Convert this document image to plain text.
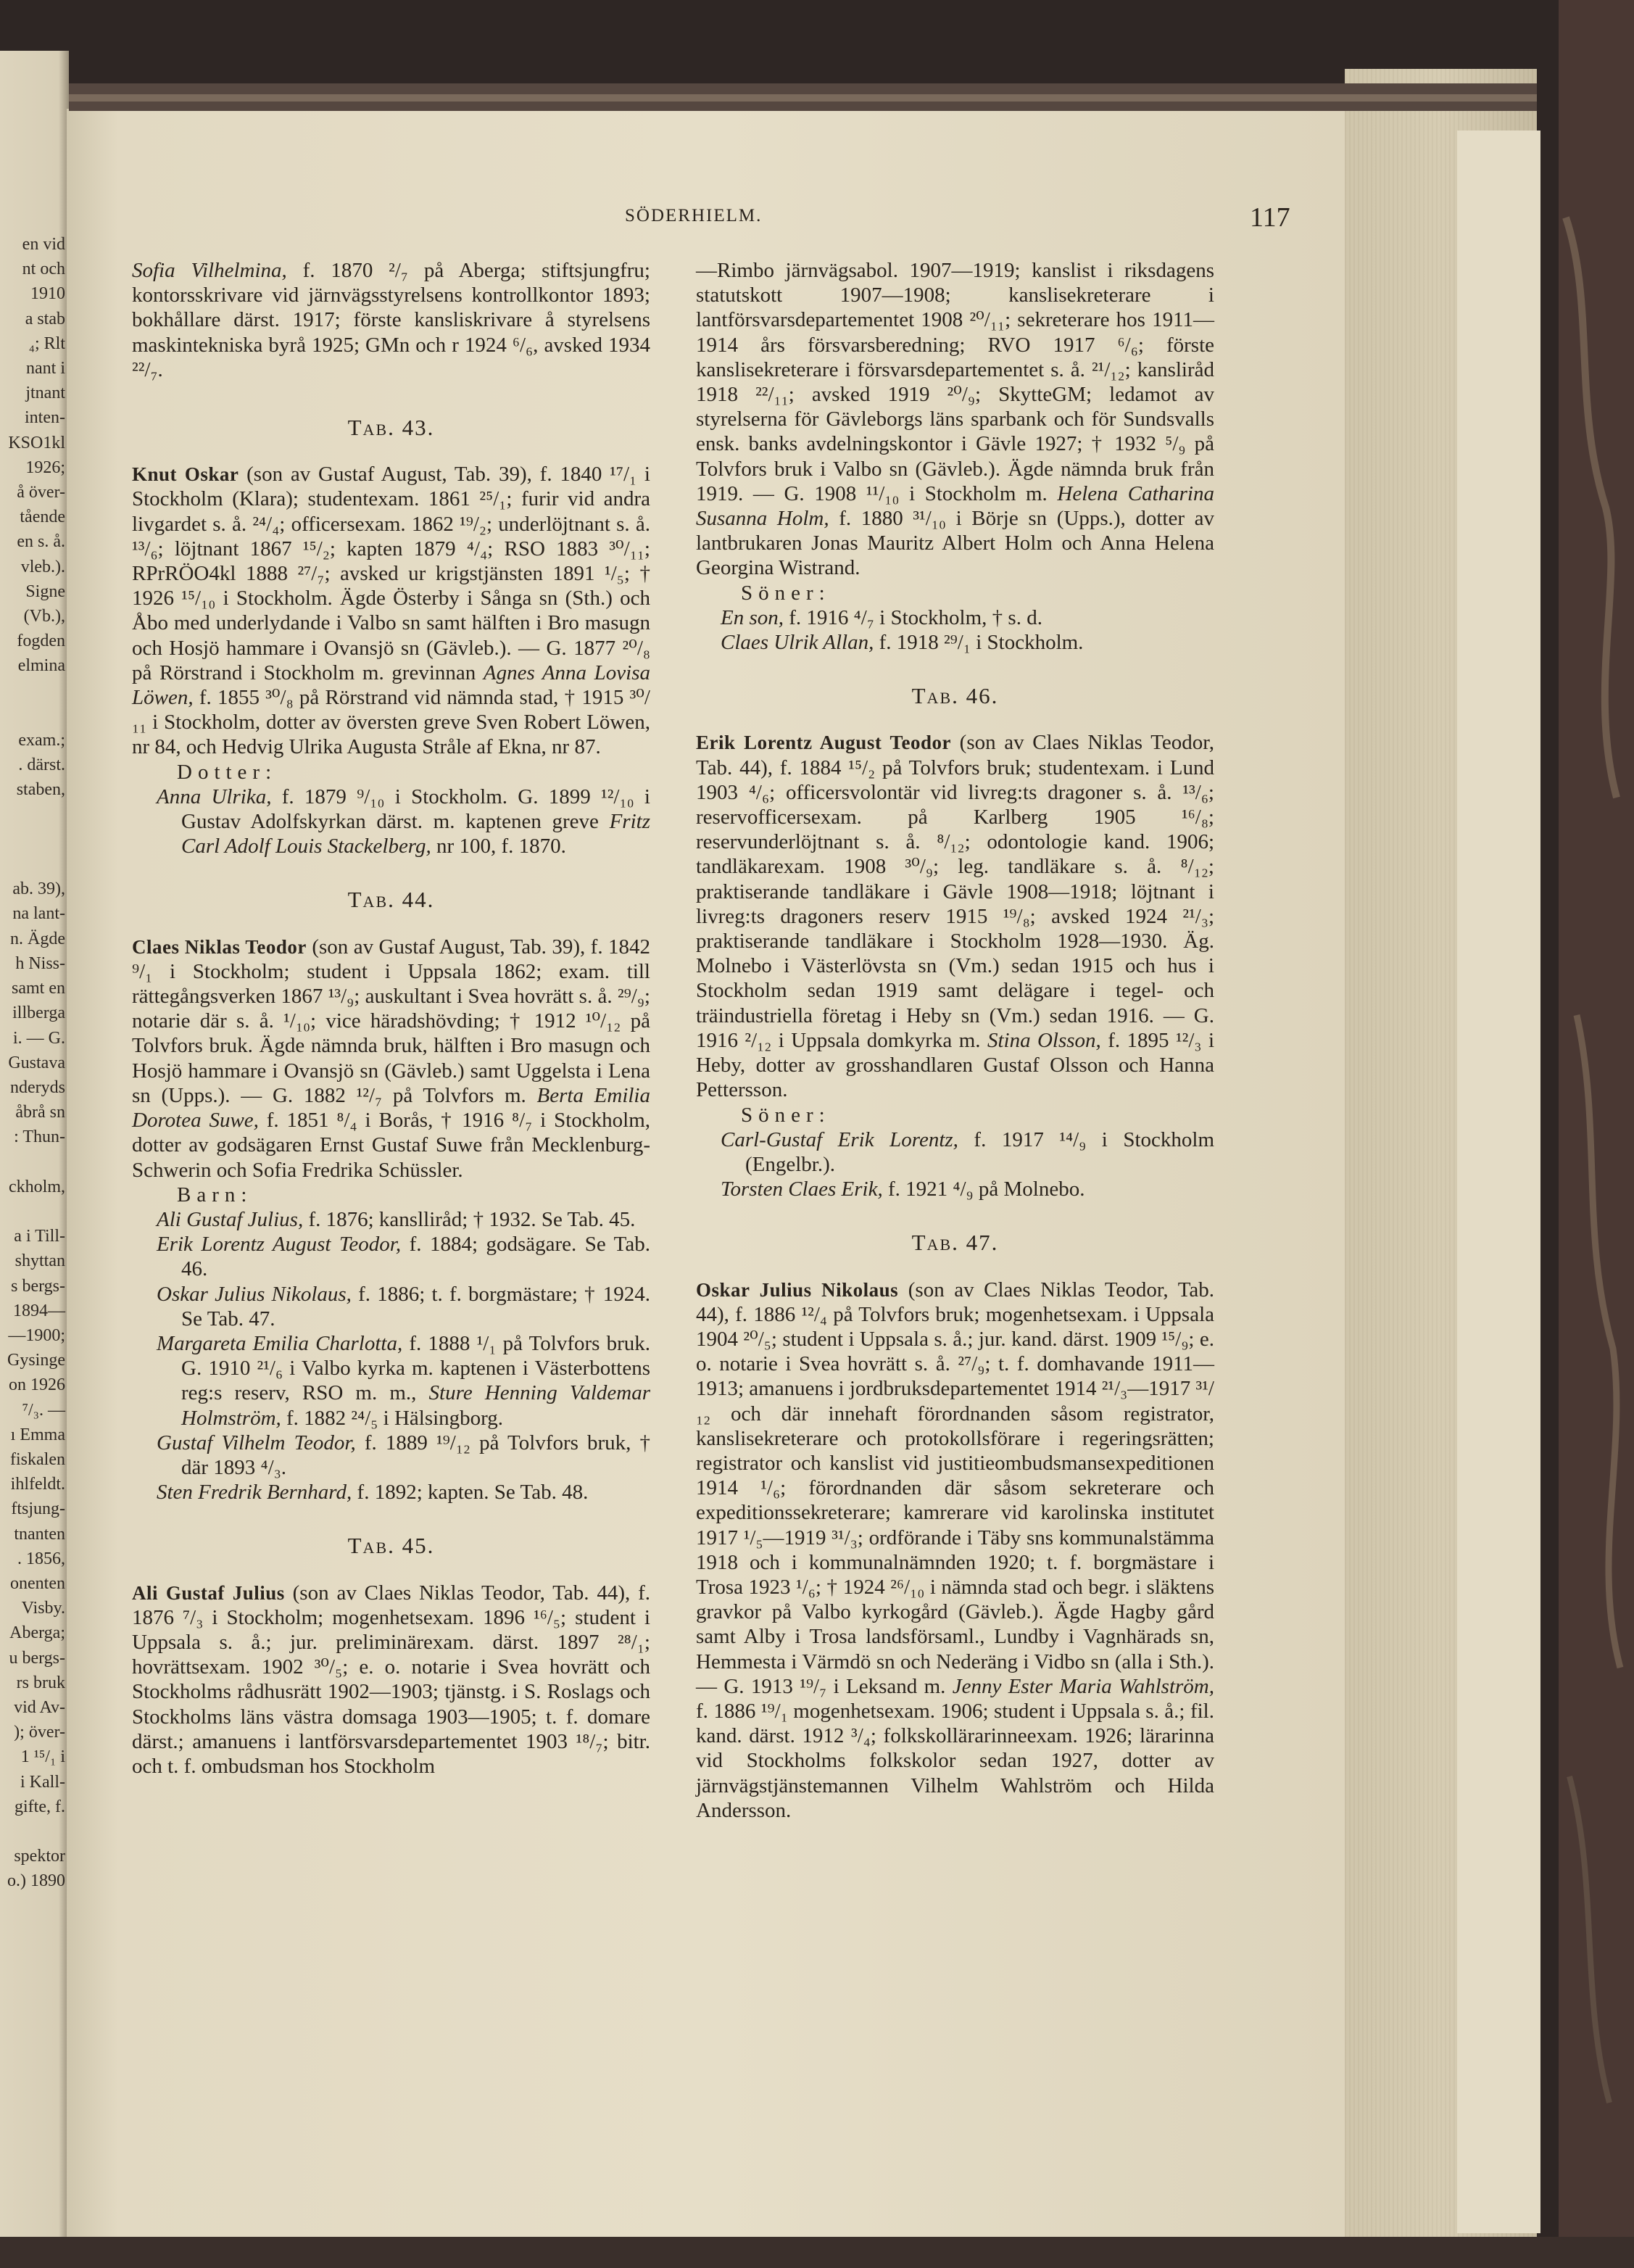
en vid

nt och

1910

a stab

₄; Rlt

nant i

jtnant

inten-

KSO1kl

1926;

å över-

tående

en s. å.

vleb.).

Signe

(Vb.),

fogden

elmina

exam.;

. därst.

staben,

ab. 39),

na lant-

n. Ägde

h Niss-

samt en

illberga

i. — G.

Gustava

nderyds

åbrå sn

: Thun-

ckholm,

a i Till-

shyttan

s bergs-

1894—

—1900;

Gysinge

on 1926

⁷/₃. —

ı Emma

fiskalen

ihlfeldt.

ftsjung-

tnanten

. 1856,

onenten

Visby.

Aberga;

u bergs-

rs bruk

vid Av-

); över-

1 ¹⁵/₁ i

i Kall-

gifte, f.

spektor

o.) 1890

SÖDERHIELM.	117

Sofia Vilhelmina, f. 1870 ²/₇ på Aberga; stiftsjungfru; kontorsskrivare vid järnvägsstyrelsens kontrollkontor 1893; bokhållare därst. 1917; förste kansliskrivare å styrelsens maskintekniska byrå 1925; GMn och r 1924 ⁶/₆, avsked 1934 ²²/₇.

Tab. 43.

Knut Oskar (son av Gustaf August, Tab. 39), f. 1840 ¹⁷/₁ i Stockholm (Klara); studentexam. 1861 ²⁵/₁; furir vid andra livgardet s. å. ²⁴/₄; officersexam. 1862 ¹⁹/₂; underlöjtnant s. å. ¹³/₆; löjtnant 1867 ¹⁵/₂; kapten 1879 ⁴/₄; RSO 1883 ³⁰/₁₁; RPrRÖO4kl 1888 ²⁷/₇; avsked ur krigstjänsten 1891 ¹/₅; † 1926 ¹⁵/₁₀ i Stockholm. Ägde Österby i Sånga sn (Sth.) och Åbo med underlydande i Valbo sn samt hälften i Bro masugn och Hosjö hammare i Ovansjö sn (Gävleb.). — G. 1877 ²⁰/₈ på Rörstrand i Stockholm m. grevinnan Agnes Anna Lovisa Löwen, f. 1855 ³⁰/₈ på Rörstrand vid nämnda stad, † 1915 ³⁰/₁₁ i Stockholm, dotter av översten greve Sven Robert Löwen, nr 84, och Hedvig Ulrika Augusta Stråle af Ekna, nr 87.

Dotter:

Anna Ulrika, f. 1879 ⁹/₁₀ i Stockholm. G. 1899 ¹²/₁₀ i Gustav Adolfskyrkan därst. m. kaptenen greve Fritz Carl Adolf Louis Stackelberg, nr 100, f. 1870.

Tab. 44.

Claes Niklas Teodor (son av Gustaf August, Tab. 39), f. 1842 ⁹/₁ i Stockholm; student i Uppsala 1862; exam. till rättegångsverken 1867 ¹³/₉; auskultant i Svea hovrätt s. å. ²⁹/₉; notarie där s. å. ¹/₁₀; vice häradshövding; † 1912 ¹⁰/₁₂ på Tolvfors bruk. Ägde nämnda bruk, hälften i Bro masugn och Hosjö hammare i Ovansjö sn (Gävleb.) samt Uggelsta i Lena sn (Upps.). — G. 1882 ¹²/₇ på Tolvfors m. Berta Emilia Dorotea Suwe, f. 1851 ⁸/₄ i Borås, † 1916 ⁸/₇ i Stockholm, dotter av godsägaren Ernst Gustaf Suwe från Mecklenburg-Schwerin och Sofia Fredrika Schüssler.

Barn:

Ali Gustaf Julius, f. 1876; kanslliråd; † 1932. Se Tab. 45.

Erik Lorentz August Teodor, f. 1884; godsägare. Se Tab. 46.

Oskar Julius Nikolaus, f. 1886; t. f. borgmästare; † 1924. Se Tab. 47.

Margareta Emilia Charlotta, f. 1888 ¹/₁ på Tolvfors bruk. G. 1910 ²¹/₆ i Valbo kyrka m. kaptenen i Västerbottens reg:s reserv, RSO m. m., Sture Henning Valdemar Holmström, f. 1882 ²⁴/₅ i Hälsingborg.

Gustaf Vilhelm Teodor, f. 1889 ¹⁹/₁₂ på Tolvfors bruk, † där 1893 ⁴/₃.

Sten Fredrik Bernhard, f. 1892; kapten. Se Tab. 48.

Tab. 45.

Ali Gustaf Julius (son av Claes Niklas Teodor, Tab. 44), f. 1876 ⁷/₃ i Stockholm; mogenhetsexam. 1896 ¹⁶/₅; student i Uppsala s. å.; jur. preliminärexam. därst. 1897 ²⁸/₁; hovrättsexam. 1902 ³⁰/₅; e. o. notarie i Svea hovrätt och Stockholms rådhusrätt 1902—1903; tjänstg. i S. Roslags och Stockholms läns västra domsaga 1903—1905; t. f. domare därst.; amanuens i lantförsvarsdepartementet 1903 ¹⁸/₇; bitr. och t. f. ombudsman hos Stockholm

—Rimbo järnvägsabol. 1907—1919; kanslist i riksdagens statutskott 1907—1908; kanslisekreterare i lantförsvarsdepartementet 1908 ²⁰/₁₁; sekreterare hos 1911—1914 års försvarsberedning; RVO 1917 ⁶/₆; förste kanslisekreterare i försvarsdepartementet s. å. ²¹/₁₂; kansliråd 1918 ²²/₁₁; avsked 1919 ²⁰/₉; SkytteGM; ledamot av styrelserna för Gävleborgs läns sparbank och för Sundsvalls ensk. banks avdelningskontor i Gävle 1927; † 1932 ⁵/₉ på Tolvfors bruk i Valbo sn (Gävleb.). Ägde nämnda bruk från 1919. — G. 1908 ¹¹/₁₀ i Stockholm m. Helena Catharina Susanna Holm, f. 1880 ³¹/₁₀ i Börje sn (Upps.), dotter av lantbrukaren Jonas Mauritz Albert Holm och Anna Helena Georgina Wistrand.

Söner:

En son, f. 1916 ⁴/₇ i Stockholm, † s. d.

Claes Ulrik Allan, f. 1918 ²⁹/₁ i Stockholm.

Tab. 46.

Erik Lorentz August Teodor (son av Claes Niklas Teodor, Tab. 44), f. 1884 ¹⁵/₂ på Tolvfors bruk; studentexam. i Lund 1903 ⁴/₆; officersvolontär vid livreg:ts dragoner s. å. ¹³/₆; reservofficersexam. på Karlberg 1905 ¹⁶/₈; reservunderlöjtnant s. å. ⁸/₁₂; odontologie kand. 1906; tandläkarexam. 1908 ³⁰/₉; leg. tandläkare s. å. ⁸/₁₂; praktiserande tandläkare i Gävle 1908—1918; löjtnant i livreg:ts dragoners reserv 1915 ¹⁹/₈; avsked 1924 ²¹/₃; praktiserande tandläkare i Stockholm 1928—1930. Äg. Molnebo i Västerlövsta sn (Vm.) sedan 1915 och hus i Stockholm sedan 1919 samt delägare i tegel- och träindustriella företag i Heby sn (Vm.) sedan 1916. — G. 1916 ²/₁₂ i Uppsala domkyrka m. Stina Olsson, f. 1895 ¹²/₃ i Heby, dotter av grosshandlaren Gustaf Olsson och Hanna Pettersson.

Söner:

Carl-Gustaf Erik Lorentz, f. 1917 ¹⁴/₉ i Stockholm (Engelbr.).

Torsten Claes Erik, f. 1921 ⁴/₉ på Molnebo.

Tab. 47.

Oskar Julius Nikolaus (son av Claes Niklas Teodor, Tab. 44), f. 1886 ¹²/₄ på Tolvfors bruk; mogenhetsexam. i Uppsala 1904 ²⁰/₅; student i Uppsala s. å.; jur. kand. därst. 1909 ¹⁵/₉; e. o. notarie i Svea hovrätt s. å. ²⁷/₉; t. f. domhavande 1911—1913; amanuens i jordbruksdepartementet 1914 ²¹/₃—1917 ³¹/₁₂ och där innehaft förordnanden såsom registrator, kanslisekreterare och protokollsförare i regeringsrätten; registrator och kanslist vid justitieombudsmansexpeditionen 1914 ¹/₆; förordnanden där såsom sekreterare och expeditionssekreterare; kamrerare vid karolinska institutet 1917 ¹/₅—1919 ³¹/₃; ordförande i Täby sns kommunalstämma 1918 och i kommunalnämnden 1920; t. f. borgmästare i Trosa 1923 ¹/₆; † 1924 ²⁶/₁₀ i nämnda stad och begr. i släktens gravkor på Valbo kyrkogård (Gävleb.). Ägde Hagby gård samt Alby i Trosa landsförsaml., Lundby i Vagnhärads sn, Hemmesta i Värmdö sn och Nederäng i Vidbo sn (alla i Sth.). — G. 1913 ¹⁹/₇ i Leksand m. Jenny Ester Maria Wahlström, f. 1886 ¹⁹/₁ mogenhetsexam. 1906; student i Uppsala s. å.; fil. kand. därst. 1912 ³/₄; folkskollärarinneexam. 1926; lärarinna vid Stockholms folkskolor sedan 1927, dotter av järnvägstjänstemannen Vilhelm Wahlström och Hilda Andersson.
